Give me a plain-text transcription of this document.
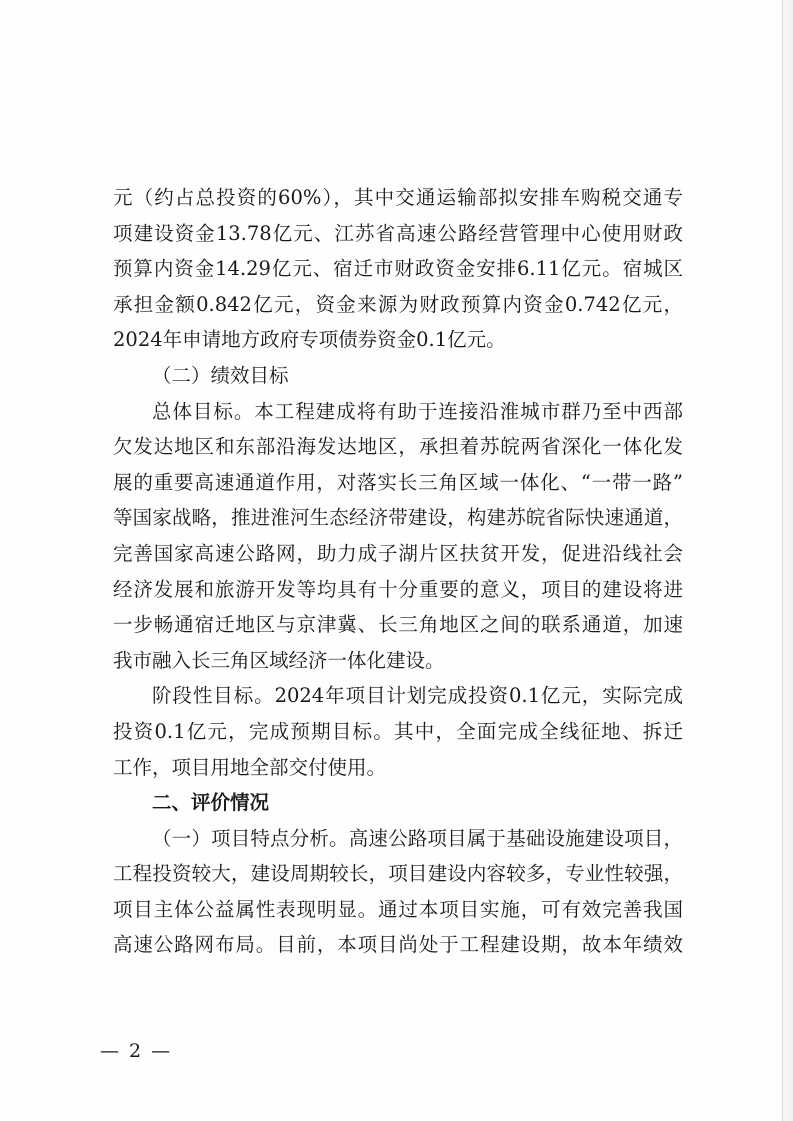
元（约占总投资的60%），其中交通运输部拟安排车购税交通专
项建设资金13.78亿元、江苏省高速公路经营管理中心使用财政
预算内资金14.29亿元、宿迁市财政资金安排6.11亿元。宿城区
承担金额0.842亿元，资金来源为财政预算内资金0.742亿元，
2024年申请地方政府专项债券资金0.1亿元。
（二）绩效目标
总体目标。本工程建成将有助于连接沿淮城市群乃至中西部
欠发达地区和东部沿海发达地区，承担着苏皖两省深化一体化发
展的重要高速通道作用，对落实长三角区域一体化、“一带一路”
等国家战略，推进淮河生态经济带建设，构建苏皖省际快速通道，
完善国家高速公路网，助力成子湖片区扶贫开发，促进沿线社会
经济发展和旅游开发等均具有十分重要的意义，项目的建设将进
一步畅通宿迁地区与京津冀、长三角地区之间的联系通道，加速
我市融入长三角区域经济一体化建设。
阶段性目标。2024年项目计划完成投资0.1亿元，实际完成
投资0.1亿元，完成预期目标。其中，全面完成全线征地、拆迁
工作，项目用地全部交付使用。
二、评价情况
（一）项目特点分析。高速公路项目属于基础设施建设项目，
工程投资较大，建设周期较长，项目建设内容较多，专业性较强，
项目主体公益属性表现明显。通过本项目实施，可有效完善我国
高速公路网布局。目前，本项目尚处于工程建设期，故本年绩效
— 2 —
